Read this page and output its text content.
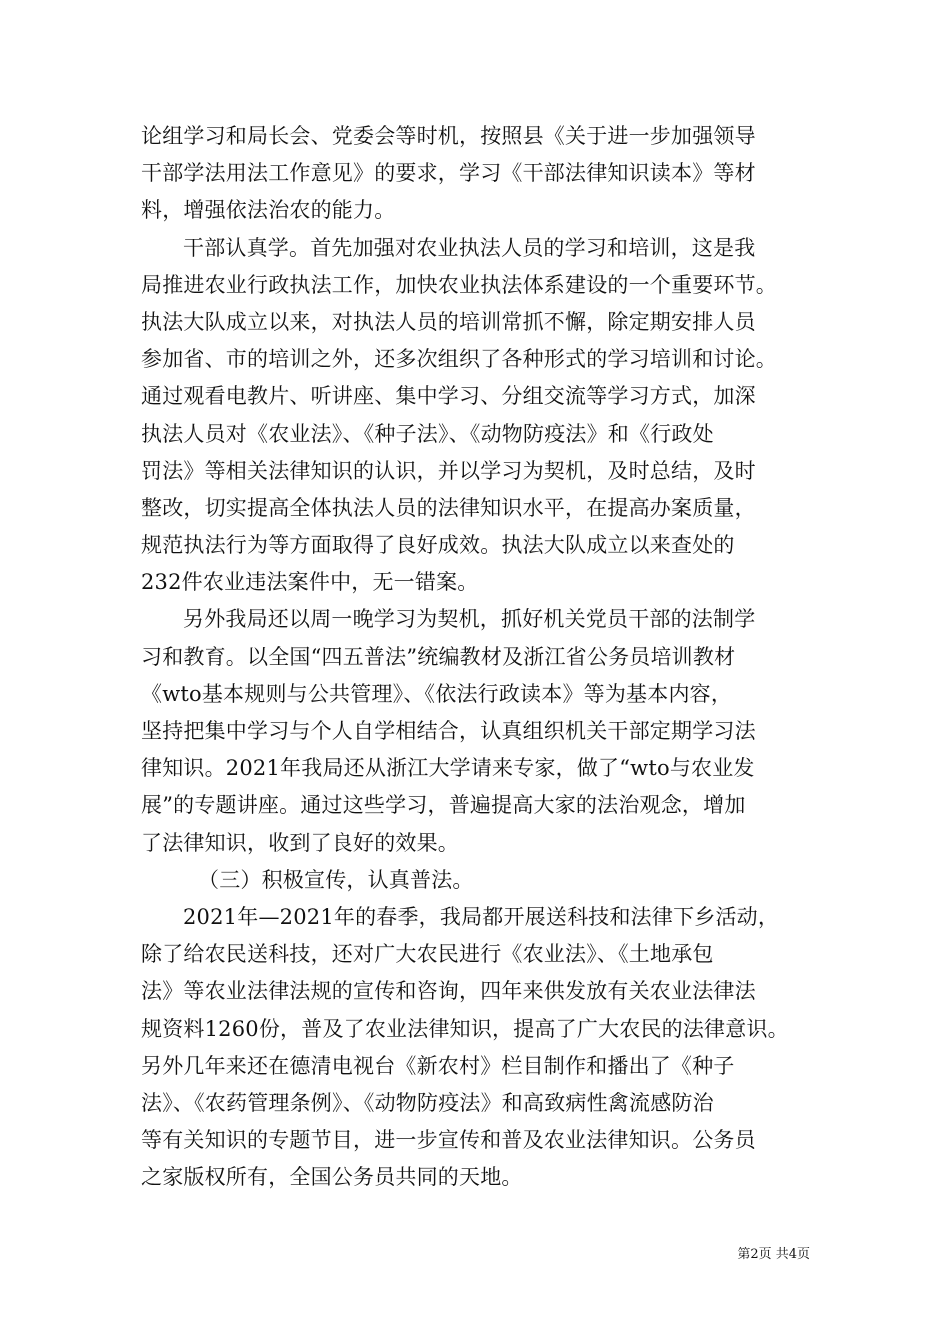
论组学习和局长会、党委会等时机，按照县《关于进一步加强领导
干部学法用法工作意见》的要求，学习《干部法律知识读本》等材
料，增强依法治农的能力。
干部认真学。首先加强对农业执法人员的学习和培训，这是我
局推进农业行政执法工作，加快农业执法体系建设的一个重要环节。
执法大队成立以来，对执法人员的培训常抓不懈，除定期安排人员
参加省、市的培训之外，还多次组织了各种形式的学习培训和讨论。
通过观看电教片、听讲座、集中学习、分组交流等学习方式，加深
执法人员对《农业法》、《种子法》、《动物防疫法》和《行政处
罚法》等相关法律知识的认识，并以学习为契机，及时总结，及时
整改，切实提高全体执法人员的法律知识水平，在提高办案质量，
规范执法行为等方面取得了良好成效。执法大队成立以来查处的
232件农业违法案件中，无一错案。
另外我局还以周一晚学习为契机，抓好机关党员干部的法制学
习和教育。以全国“四五普法”统编教材及浙江省公务员培训教材
《wto基本规则与公共管理》、《依法行政读本》等为基本内容，
坚持把集中学习与个人自学相结合，认真组织机关干部定期学习法
律知识。2021年我局还从浙江大学请来专家，做了“wto与农业发
展”的专题讲座。通过这些学习，普遍提高大家的法治观念，增加
了法律知识，收到了良好的效果。
（三）积极宣传，认真普法。
2021年—2021年的春季，我局都开展送科技和法律下乡活动，
除了给农民送科技，还对广大农民进行《农业法》、《土地承包
法》等农业法律法规的宣传和咨询，四年来供发放有关农业法律法
规资料1260份，普及了农业法律知识，提高了广大农民的法律意识。
另外几年来还在德清电视台《新农村》栏目制作和播出了《种子
法》、《农药管理条例》、《动物防疫法》和高致病性禽流感防治
等有关知识的专题节目，进一步宣传和普及农业法律知识。公务员
之家版权所有，全国公务员共同的天地。
第2页 共4页
